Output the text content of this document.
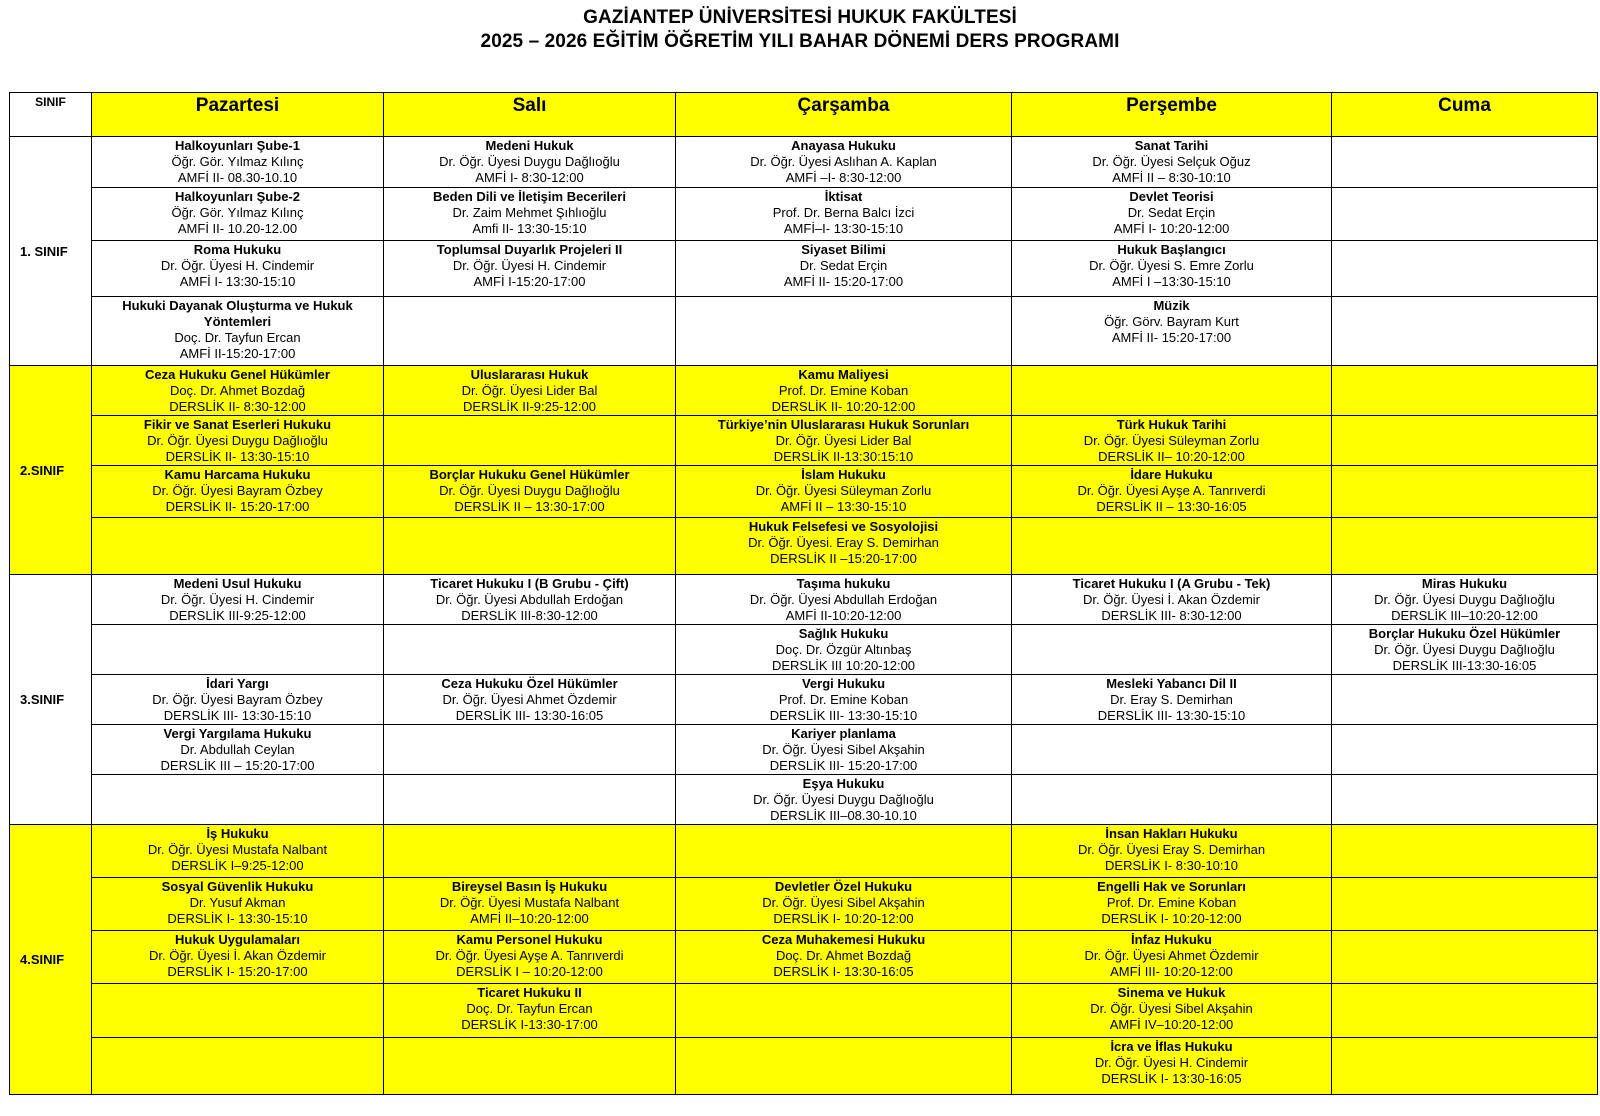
GAZİANTEP ÜNİVERSİTESİ HUKUK FAKÜLTESİ
2025 – 2026 EĞİTİM ÖĞRETİM YILI BAHAR DÖNEMİ DERS PROGRAMI
SINIF	Pazartesi	Salı	Çarşamba	Perşembe	Cuma
1. SINIF	Halkoyunları Şube-1
Öğr. Gör. Yılmaz Kılınç
AMFİ II- 08.30-10.10	Medeni Hukuk
Dr. Öğr. Üyesi Duygu Dağlıoğlu
AMFİ I- 8:30-12:00	Anayasa Hukuku
Dr. Öğr. Üyesi Aslıhan A. Kaplan
AMFİ –I- 8:30-12:00	Sanat Tarihi
Dr. Öğr. Üyesi Selçuk Oğuz
AMFİ II – 8:30-10:10	

	Halkoyunları Şube-2
Öğr. Gör. Yılmaz Kılınç
AMFİ II- 10.20-12.00	Beden Dili ve İletişim Becerileri
Dr. Zaim Mehmet Şıhlıoğlu
Amfi II- 13:30-15:10	İktisat
Prof. Dr. Berna Balcı İzci
AMFİ–I- 13:30-15:10	Devlet Teorisi
Dr. Sedat Erçin
AMFİ I- 10:20-12:00	

	Roma Hukuku
Dr. Öğr. Üyesi H. Cindemir
AMFİ I- 13:30-15:10	Toplumsal Duyarlık Projeleri II
Dr. Öğr. Üyesi H. Cindemir
AMFİ I-15:20-17:00	Siyaset Bilimi
Dr. Sedat Erçin
AMFİ II- 15:20-17:00	Hukuk Başlangıcı
Dr. Öğr. Üyesi S. Emre Zorlu
AMFİ I –13:30-15:10	

	Hukuki Dayanak Oluşturma ve Hukuk Yöntemleri
Doç. Dr. Tayfun Ercan
AMFİ II-15:20-17:00			Müzik
Öğr. Görv. Bayram Kurt
AMFİ II- 15:20-17:00	

2.SINIF	Ceza Hukuku Genel Hükümler
Doç. Dr. Ahmet Bozdağ
DERSLİK II- 8:30-12:00	Uluslararası Hukuk
Dr. Öğr. Üyesi Lider Bal
DERSLİK II-9:25-12:00	Kamu Maliyesi
Prof. Dr. Emine Koban
DERSLİK II- 10:20-12:00		

	Fikir ve Sanat Eserleri Hukuku
Dr. Öğr. Üyesi Duygu Dağlıoğlu
DERSLİK II- 13:30-15:10		Türkiye’nin Uluslararası Hukuk Sorunları
Dr. Öğr. Üyesi Lider Bal
DERSLİK II-13:30:15:10	Türk Hukuk Tarihi
Dr. Öğr. Üyesi Süleyman Zorlu
DERSLİK II– 10:20-12:00	

	Kamu Harcama Hukuku
Dr. Öğr. Üyesi Bayram Özbey
DERSLİK II- 15:20-17:00	Borçlar Hukuku Genel Hükümler
Dr. Öğr. Üyesi Duygu Dağlıoğlu
DERSLİK II – 13:30-17:00	İslam Hukuku
Dr. Öğr. Üyesi Süleyman Zorlu
AMFİ II – 13:30-15:10	İdare Hukuku
Dr. Öğr. Üyesi Ayşe A. Tanrıverdi
DERSLİK II – 13:30-16:05	

			Hukuk Felsefesi ve Sosyolojisi
Dr. Öğr. Üyesi. Eray S. Demirhan
DERSLİK II –15:20-17:00		

3.SINIF	Medeni Usul Hukuku
Dr. Öğr. Üyesi H. Cindemir
DERSLİK III-9:25-12:00	Ticaret Hukuku I (B Grubu - Çift)
Dr. Öğr. Üyesi Abdullah Erdoğan
DERSLİK III-8:30-12:00	Taşıma hukuku
Dr. Öğr. Üyesi Abdullah Erdoğan
AMFİ II-10:20-12:00	Ticaret Hukuku I (A Grubu - Tek)
Dr. Öğr. Üyesi İ. Akan Özdemir
DERSLİK III- 8:30-12:00	Miras Hukuku
Dr. Öğr. Üyesi Duygu Dağlıoğlu
DERSLİK III–10:20-12:00

			Sağlık Hukuku
Doç. Dr. Özgür Altınbaş
DERSLİK III 10:20-12:00		Borçlar Hukuku Özel Hükümler
Dr. Öğr. Üyesi Duygu Dağlıoğlu
DERSLİK III-13:30-16:05

	İdari Yargı
Dr. Öğr. Üyesi Bayram Özbey
DERSLİK III- 13:30-15:10	Ceza Hukuku Özel Hükümler
Dr. Öğr. Üyesi Ahmet Özdemir
DERSLİK III- 13:30-16:05	Vergi Hukuku
Prof. Dr. Emine Koban
DERSLİK III- 13:30-15:10	Mesleki Yabancı Dil II
Dr. Eray S. Demirhan
DERSLİK III- 13:30-15:10	

	Vergi Yargılama Hukuku
Dr. Abdullah Ceylan
DERSLİK III – 15:20-17:00		Kariyer planlama
Dr. Öğr. Üyesi Sibel Akşahin
DERSLİK III- 15:20-17:00		

			Eşya Hukuku
Dr. Öğr. Üyesi Duygu Dağlıoğlu
DERSLİK III–08.30-10.10		

4.SINIF	İş Hukuku
Dr. Öğr. Üyesi Mustafa Nalbant
DERSLİK I–9:25-12:00			İnsan Hakları Hukuku
Dr. Öğr. Üyesi Eray S. Demirhan
DERSLİK I- 8:30-10:10	

	Sosyal Güvenlik Hukuku
Dr. Yusuf Akman
DERSLİK I- 13:30-15:10	Bireysel Basın İş Hukuku
Dr. Öğr. Üyesi Mustafa Nalbant
AMFİ II–10:20-12:00	Devletler Özel Hukuku
Dr. Öğr. Üyesi Sibel Akşahin
DERSLİK I- 10:20-12:00	Engelli Hak ve Sorunları
Prof. Dr. Emine Koban
DERSLİK I- 10:20-12:00	

	Hukuk Uygulamaları
Dr. Öğr. Üyesi İ. Akan Özdemir
DERSLİK I- 15:20-17:00	Kamu Personel Hukuku
Dr. Öğr. Üyesi Ayşe A. Tanrıverdi
DERSLİK I – 10:20-12:00	Ceza Muhakemesi Hukuku
Doç. Dr. Ahmet Bozdağ
DERSLİK I- 13:30-16:05	İnfaz Hukuku
Dr. Öğr. Üyesi Ahmet Özdemir
AMFİ III- 10:20-12:00	

		Ticaret Hukuku II
Doç. Dr. Tayfun Ercan
DERSLİK I-13:30-17:00		Sinema ve Hukuk
Dr. Öğr. Üyesi Sibel Akşahin
AMFİ IV–10:20-12:00	

				İcra ve İflas Hukuku
Dr. Öğr. Üyesi H. Cindemir
DERSLİK I- 13:30-16:05	
